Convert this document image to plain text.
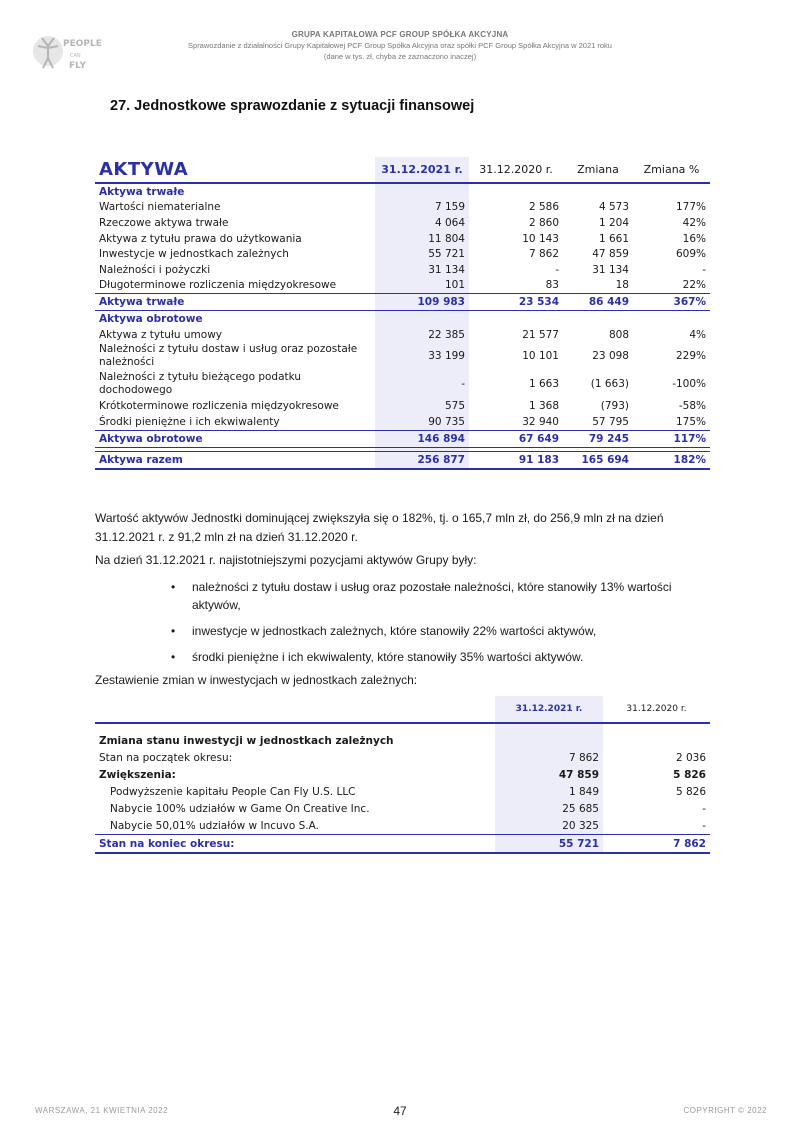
PEOPLE
CAN
FLY
GRUPA KAPITAŁOWA PCF GROUP SPÓŁKA AKCYJNA
Sprawozdanie z działalności Grupy Kapitałowej PCF Group Spółka Akcyjna oraz spółki PCF Group Spółka Akcyjna w 2021 roku
(dane w tys. zł, chyba że zaznaczono inaczej)
27. Jednostkowe sprawozdanie z sytuacji finansowej
AKTYWA	31.12.2021 r.	31.12.2020 r.	Zmiana	Zmiana %
Aktywa trwałe				
Wartości niematerialne	7 159	2 586	4 573	177%
Rzeczowe aktywa trwałe	4 064	2 860	1 204	42%
Aktywa z tytułu prawa do użytkowania	11 804	10 143	1 661	16%
Inwestycje w jednostkach zależnych	55 721	7 862	47 859	609%
Należności i pożyczki	31 134	-	31 134	-
Długoterminowe rozliczenia międzyokresowe	101	83	18	22%
Aktywa trwałe	109 983	23 534	86 449	367%
Aktywa obrotowe				
Aktywa z tytułu umowy	22 385	21 577	808	4%
Należności z tytułu dostaw i usług oraz pozostałe należności	33 199	10 101	23 098	229%
Należności z tytułu bieżącego podatku dochodowego	-	1 663	(1 663)	-100%
Krótkoterminowe rozliczenia międzyokresowe	575	1 368	(793)	-58%
Środki pieniężne i ich ekwiwalenty	90 735	32 940	57 795	175%
Aktywa obrotowe	146 894	67 649	79 245	117%

Aktywa razem	256 877	91 183	165 694	182%
Wartość aktywów Jednostki dominującej zwiększyła się o 182%, tj. o 165,7 mln zł, do 256,9 mln zł na dzień 31.12.2021 r. z 91,2 mln zł na dzień 31.12.2020 r.
Na dzień 31.12.2021 r. najistotniejszymi pozycjami aktywów Grupy były:
• należności z tytułu dostaw i usług oraz pozostałe należności, które stanowiły 13% wartości aktywów,
• inwestycje w jednostkach zależnych, które stanowiły 22% wartości aktywów,
• środki pieniężne i ich ekwiwalenty, które stanowiły 35% wartości aktywów.
Zestawienie zmian w inwestycjach w jednostkach zależnych:
	31.12.2021 r.	31.12.2020 r.

Zmiana stanu inwestycji w jednostkach zależnych		
Stan na początek okresu:	7 862	2 036
Zwiększenia:	47 859	5 826
Podwyższenie kapitału People Can Fly U.S. LLC	1 849	5 826
Nabycie 100% udziałów w Game On Creative Inc.	25 685	-
Nabycie 50,01% udziałów w Incuvo S.A.	20 325	-
Stan na koniec okresu:	55 721	7 862
WARSZAWA, 21 KWIETNIA 2022	47	COPYRIGHT © 2022
